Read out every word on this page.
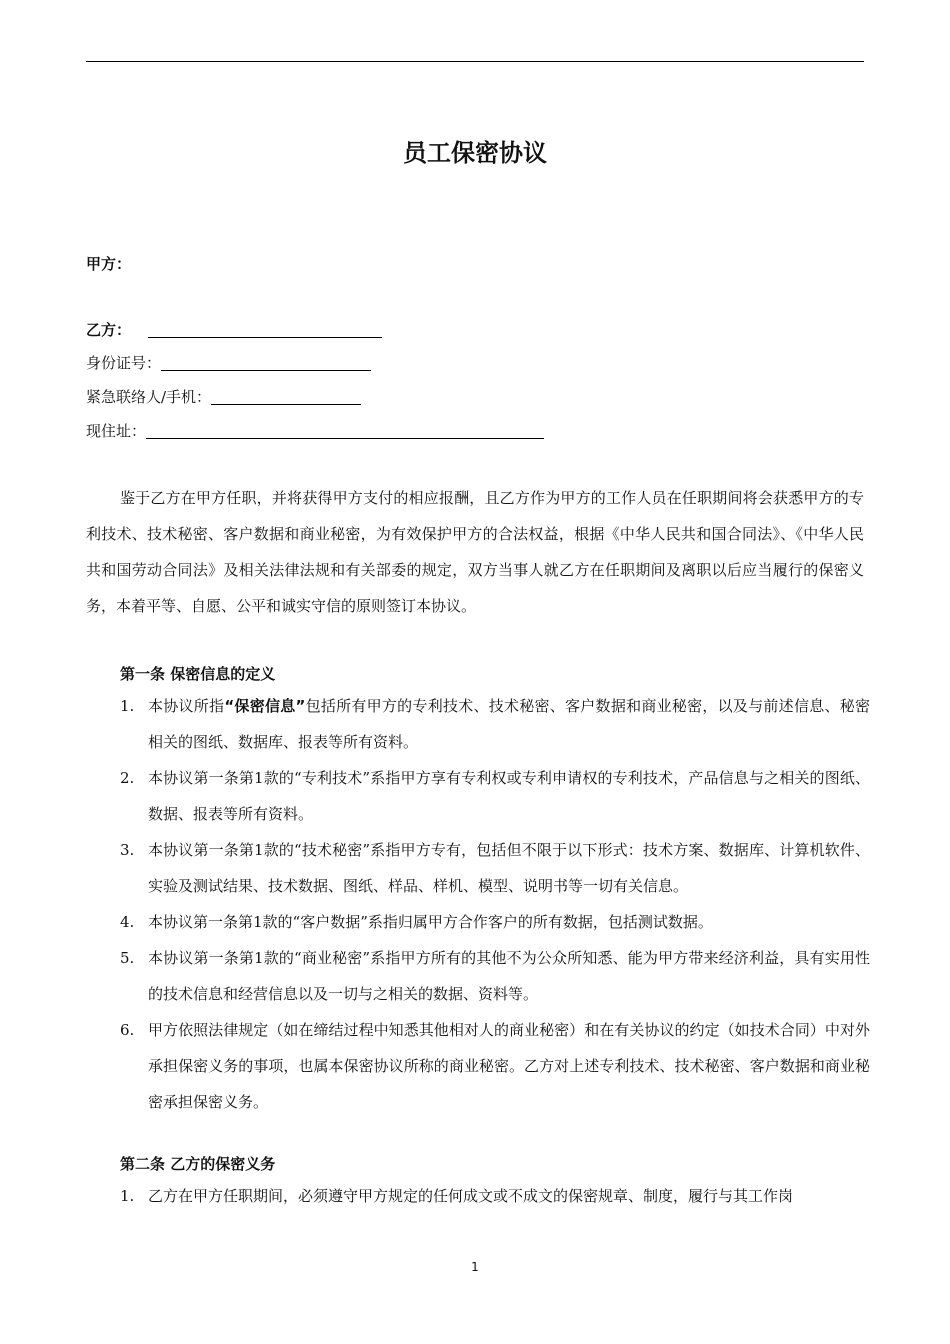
员工保密协议
甲方：
乙方：
身份证号：
紧急联络人/手机：
现住址：
鉴于乙方在甲方任职，并将获得甲方支付的相应报酬，且乙方作为甲方的工作人员在任职期间将会获悉甲方的专利技术、技术秘密、客户数据和商业秘密，为有效保护甲方的合法权益，根据《中华人民共和国合同法》、《中华人民共和国劳动合同法》及相关法律法规和有关部委的规定，双方当事人就乙方在任职期间及离职以后应当履行的保密义务，本着平等、自愿、公平和诚实守信的原则签订本协议。
第一条 保密信息的定义
1. 本协议所指“保密信息”包括所有甲方的专利技术、技术秘密、客户数据和商业秘密，以及与前述信息、秘密相关的图纸、数据库、报表等所有资料。
2. 本协议第一条第1款的“专利技术”系指甲方享有专利权或专利申请权的专利技术，产品信息与之相关的图纸、数据、报表等所有资料。
3. 本协议第一条第1款的“技术秘密”系指甲方专有，包括但不限于以下形式：技术方案、数据库、计算机软件、实验及测试结果、技术数据、图纸、样品、样机、模型、说明书等一切有关信息。
4. 本协议第一条第1款的“客户数据”系指归属甲方合作客户的所有数据，包括测试数据。
5. 本协议第一条第1款的“商业秘密”系指甲方所有的其他不为公众所知悉、能为甲方带来经济利益，具有实用性的技术信息和经营信息以及一切与之相关的数据、资料等。
6. 甲方依照法律规定（如在缔结过程中知悉其他相对人的商业秘密）和在有关协议的约定（如技术合同）中对外承担保密义务的事项，也属本保密协议所称的商业秘密。乙方对上述专利技术、技术秘密、客户数据和商业秘密承担保密义务。
第二条 乙方的保密义务
1. 乙方在甲方任职期间，必须遵守甲方规定的任何成文或不成文的保密规章、制度，履行与其工作岗
1
